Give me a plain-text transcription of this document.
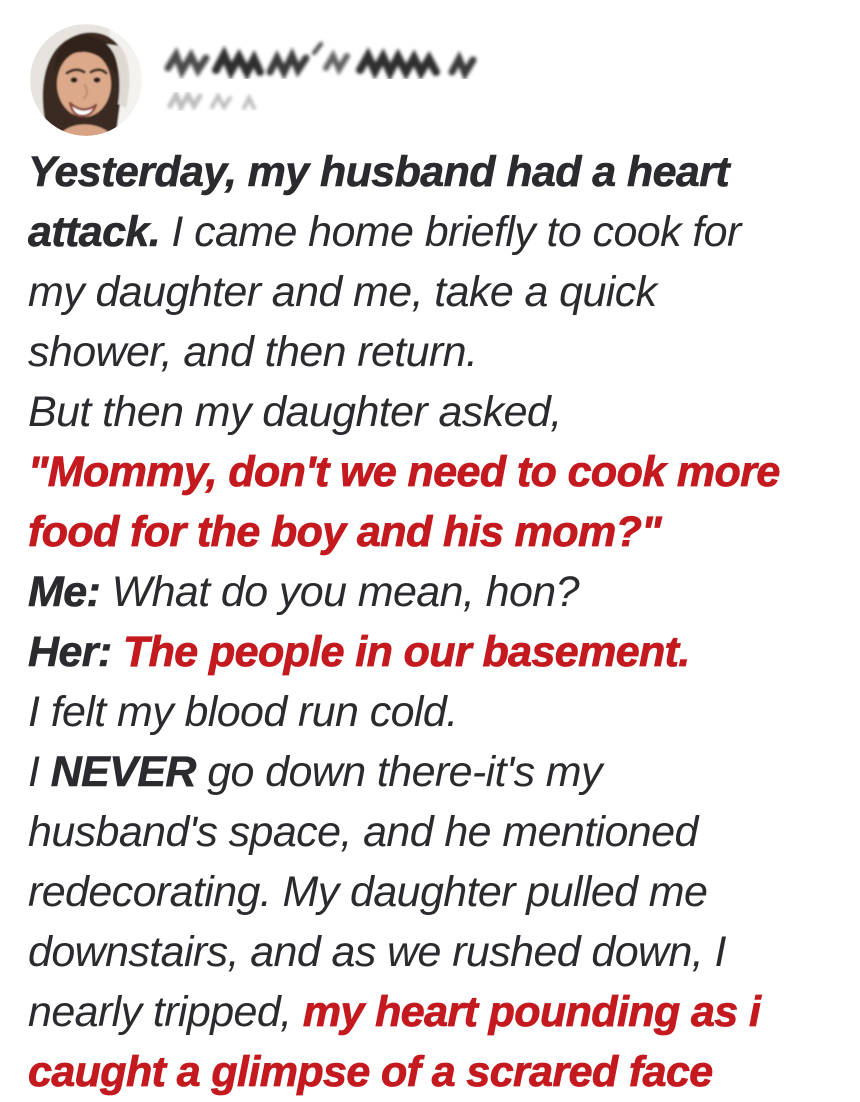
Yesterday, my husband had a heart
attack. I came home briefly to cook for
my daughter and me, take a quick
shower, and then return.
But then my daughter asked,
"Mommy, don't we need to cook more
food for the boy and his mom?"
Me: What do you mean, hon?
Her: The people in our basement.
I felt my blood run cold.
I NEVER go down there-it's my
husband's space, and he mentioned
redecorating. My daughter pulled me
downstairs, and as we rushed down, I
nearly tripped, my heart pounding as i
caught a glimpse of a scrared face
